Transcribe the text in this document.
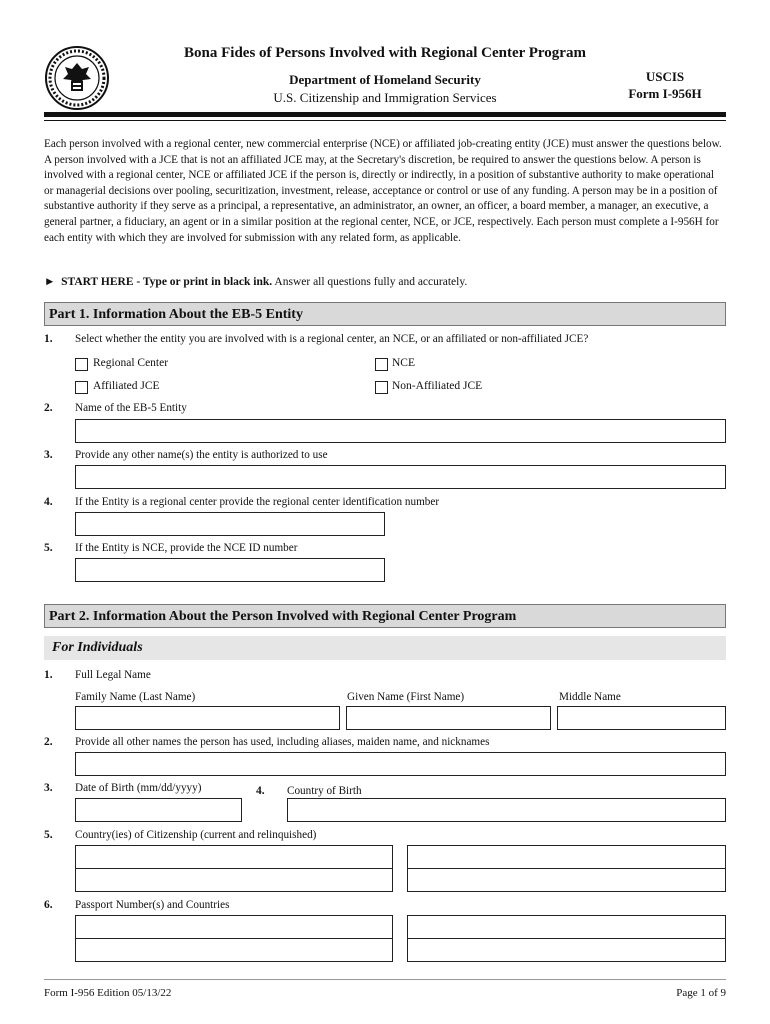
Bona Fides of Persons Involved with Regional Center Program
Department of Homeland Security
U.S. Citizenship and Immigration Services
USCIS
Form I-956H
Each person involved with a regional center, new commercial enterprise (NCE) or affiliated job-creating entity (JCE) must answer the questions below. A person involved with a JCE that is not an affiliated JCE may, at the Secretary's discretion, be required to answer the questions below. A person is involved with a regional center, NCE or affiliated JCE if the person is, directly or indirectly, in a position of substantive authority to make operational or managerial decisions over pooling, securitization, investment, release, acceptance or control or use of any funding. A person may be in a position of substantive authority if they serve as a principal, a representative, an administrator, an owner, an officer, a board member, a manager, an executive, a general partner, a fiduciary, an agent or in a similar position at the regional center, NCE, or JCE, respectively. Each person must complete a I-956H for each entity with which they are involved for submission with any related form, as applicable.
► START HERE - Type or print in black ink. Answer all questions fully and accurately.
Part 1. Information About the EB-5 Entity
1. Select whether the entity you are involved with is a regional center, an NCE, or an affiliated or non-affiliated JCE?
Regional Center	NCE
Affiliated JCE	Non-Affiliated JCE
2. Name of the EB-5 Entity
3. Provide any other name(s) the entity is authorized to use
4. If the Entity is a regional center provide the regional center identification number
5. If the Entity is NCE, provide the NCE ID number
Part 2. Information About the Person Involved with Regional Center Program
For Individuals
1. Full Legal Name
Family Name (Last Name)	Given Name (First Name)	Middle Name
2. Provide all other names the person has used, including aliases, maiden name, and nicknames
3. Date of Birth (mm/dd/yyyy)	4. Country of Birth
5. Country(ies) of Citizenship (current and relinquished)
6. Passport Number(s) and Countries
Form I-956 Edition 05/13/22	Page 1 of 9
